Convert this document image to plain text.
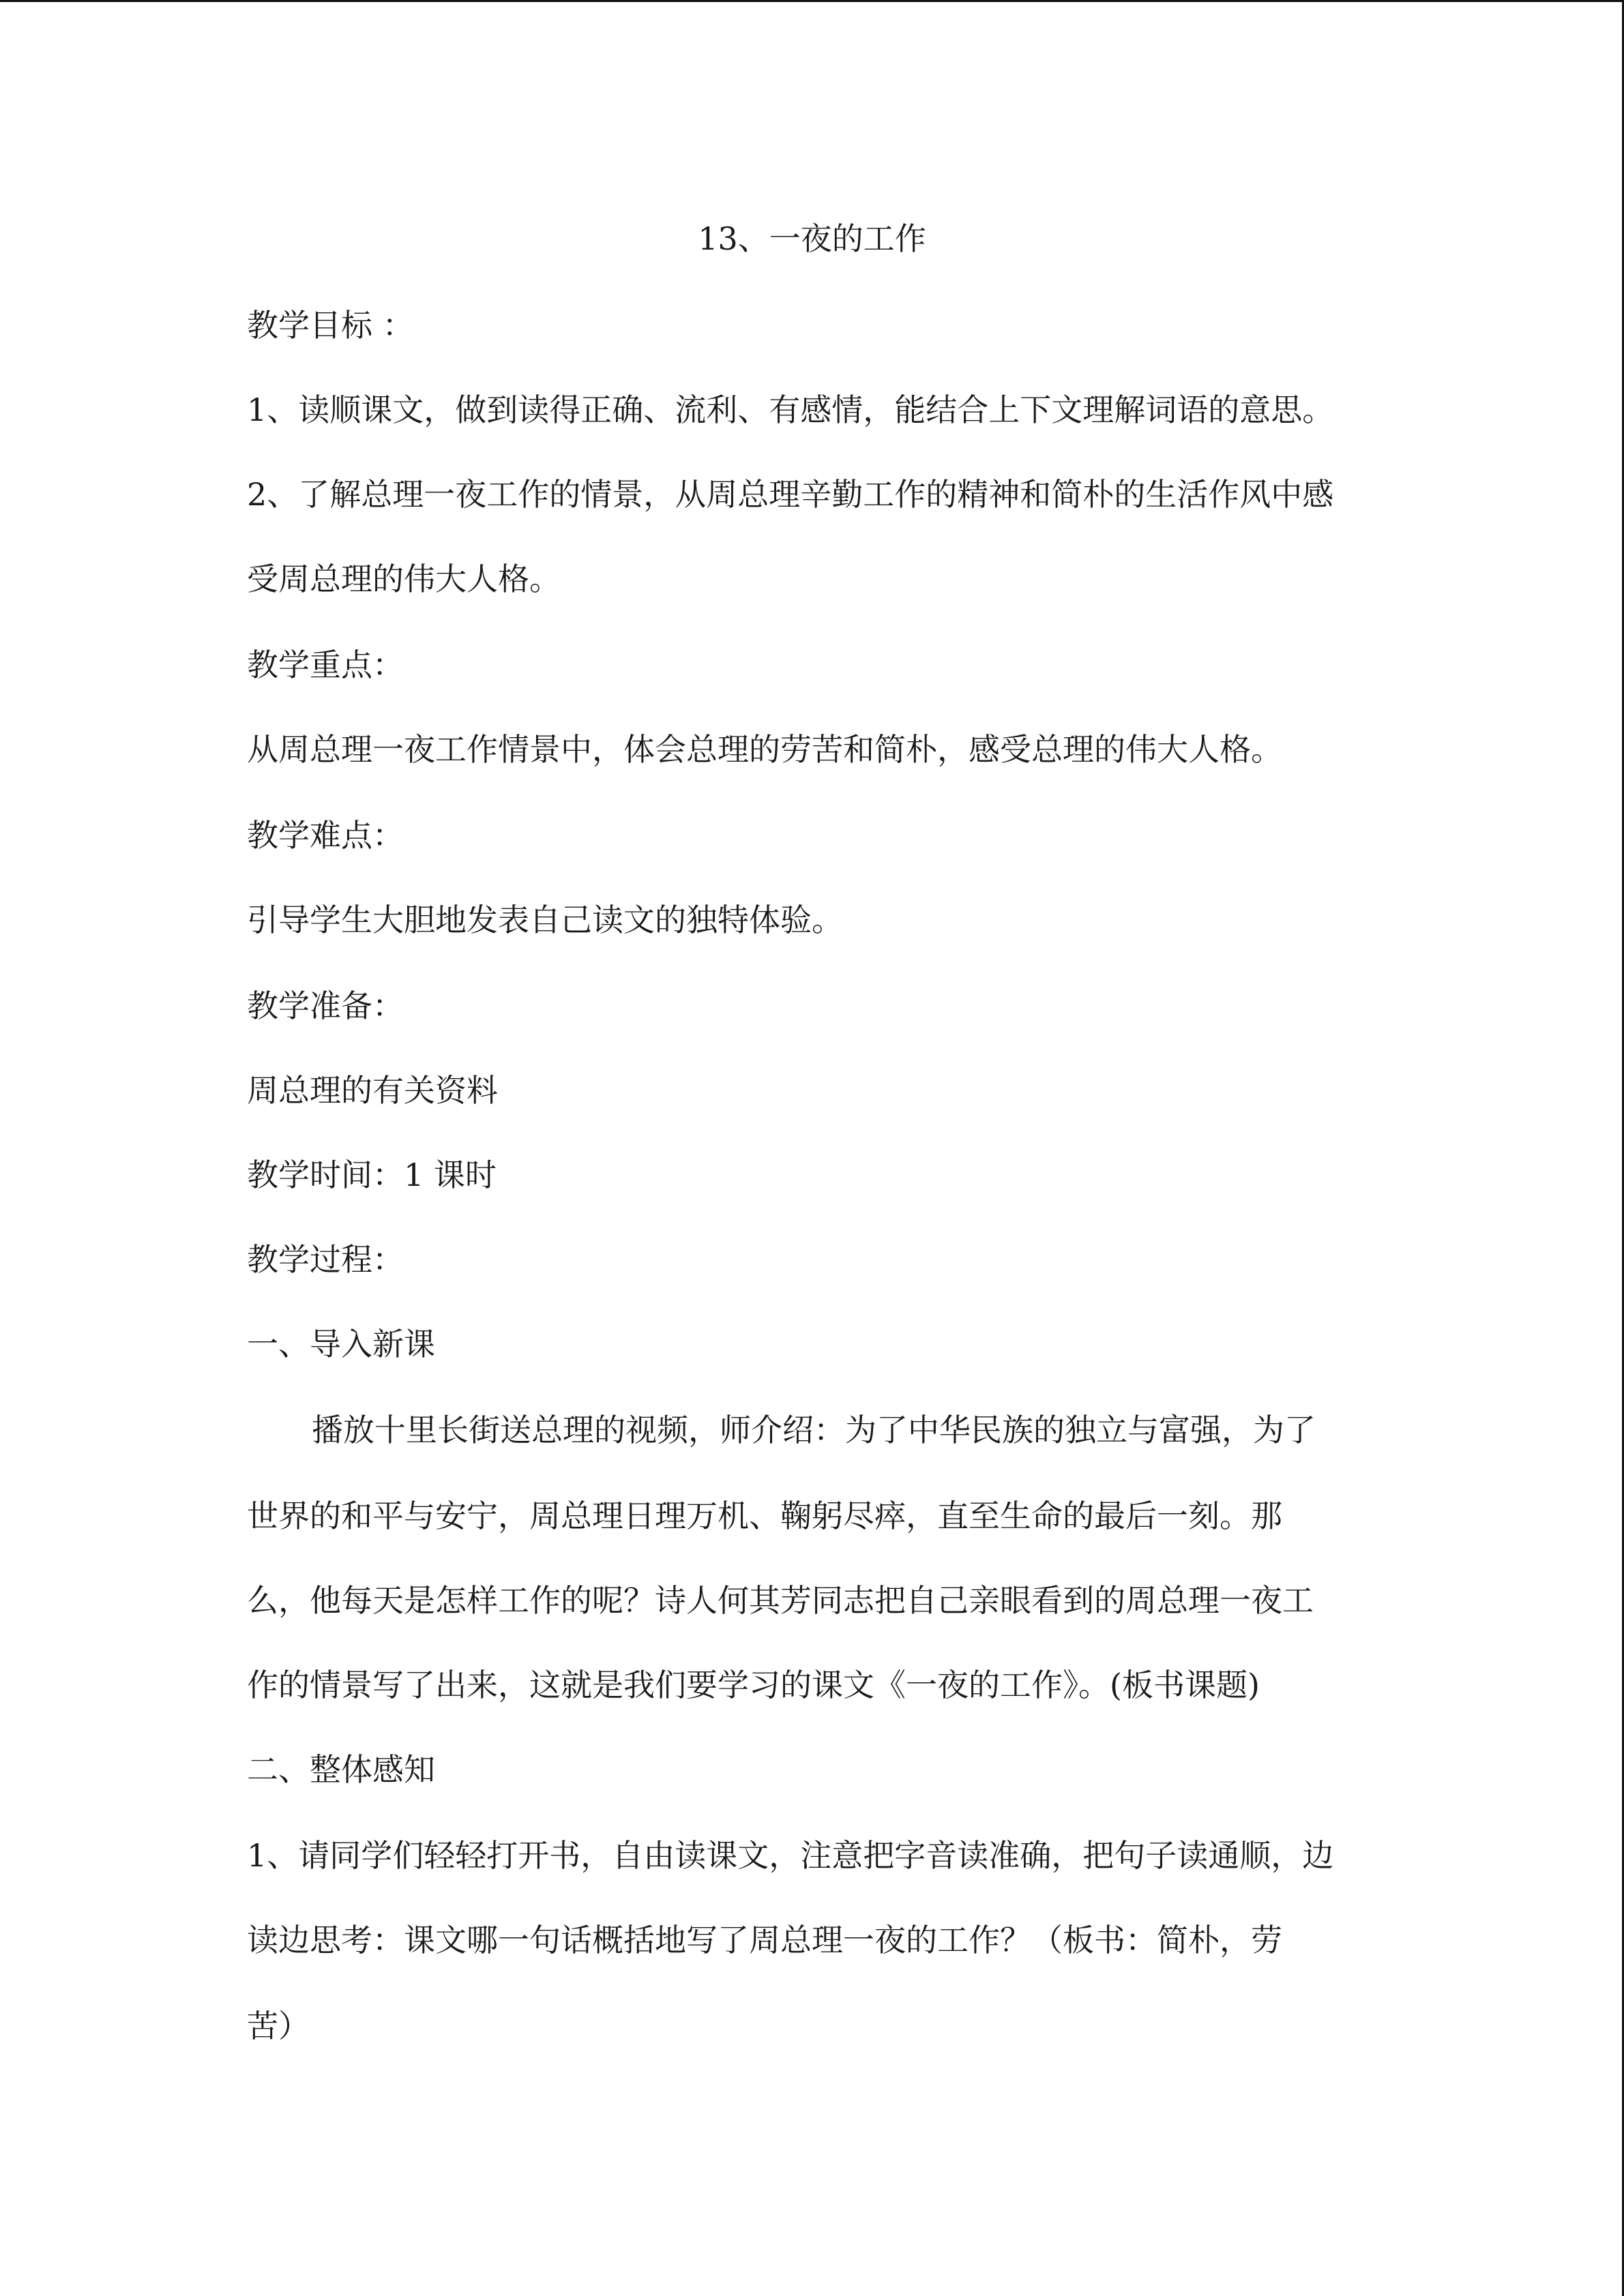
13、一夜的工作

教学目标 ：

1、读顺课文，做到读得正确、流利、有感情，能结合上下文理解词语的意思。

2、了解总理一夜工作的情景，从周总理辛勤工作的精神和简朴的生活作风中感

受周总理的伟大人格。

教学重点：

从周总理一夜工作情景中，体会总理的劳苦和简朴，感受总理的伟大人格。

教学难点：

引导学生大胆地发表自己读文的独特体验。

教学准备：

周总理的有关资料

教学时间：1 课时

教学过程：

一、导入新课

播放十里长街送总理的视频，师介绍：为了中华民族的独立与富强，为了

世界的和平与安宁，周总理日理万机、鞠躬尽瘁，直至生命的最后一刻。那

么，他每天是怎样工作的呢？诗人何其芳同志把自己亲眼看到的周总理一夜工

作的情景写了出来，这就是我们要学习的课文《一夜的工作》。(板书课题)

二、整体感知

1、请同学们轻轻打开书，自由读课文，注意把字音读准确，把句子读通顺，边

读边思考：课文哪一句话概括地写了周总理一夜的工作？（板书：简朴，劳

苦）
